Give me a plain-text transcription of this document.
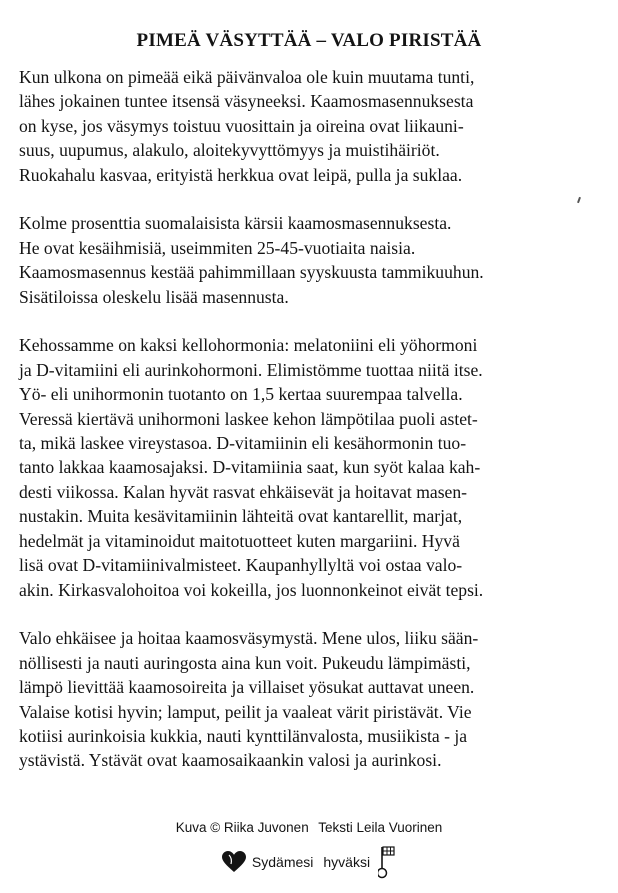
PIMEÄ VÄSYTTÄÄ – VALO PIRISTÄÄ

Kun ulkona on pimeää eikä päivänvaloa ole kuin muutama tunti,
lähes jokainen tuntee itsensä väsyneeksi. Kaamosmasennuksesta
on kyse, jos väsymys toistuu vuosittain ja oireina ovat liikauni-
suus, uupumus, alakulo, aloitekyvyttömyys ja muistihäiriöt.
Ruokahalu kasvaa, erityistä herkkua ovat leipä, pulla ja suklaa.

Kolme prosenttia suomalaisista kärsii kaamosmasennuksesta.
He ovat kesäihmisiä, useimmiten 25-45-vuotiaita naisia.
Kaamosmasennus kestää pahimmillaan syyskuusta tammikuuhun.
Sisätiloissa oleskelu lisää masennusta.

Kehossamme on kaksi kellohormonia: melatoniini eli yöhormoni
ja D-vitamiini eli aurinkohormoni. Elimistömme tuottaa niitä itse.
Yö- eli unihormonin tuotanto on 1,5 kertaa suurempaa talvella.
Veressä kiertävä unihormoni laskee kehon lämpötilaa puoli astet-
ta, mikä laskee vireystasoa. D-vitamiinin eli kesähormonin tuo-
tanto lakkaa kaamosajaksi. D-vitamiinia saat, kun syöt kalaa kah-
desti viikossa. Kalan hyvät rasvat ehkäisevät ja hoitavat masen-
nustakin. Muita kesävitamiinin lähteitä ovat kantarellit, marjat,
hedelmät ja vitaminoidut maitotuotteet kuten margariini. Hyvä
lisä ovat D-vitamiinivalmisteet. Kaupanhyllyltä voi ostaa valo-
akin. Kirkasvalohoitoa voi kokeilla, jos luonnonkeinot eivät tepsi.

Valo ehkäisee ja hoitaa kaamosväsymystä. Mene ulos, liiku sään-
nöllisesti ja nauti auringosta aina kun voit. Pukeudu lämpimästi,
lämpö lievittää kaamosoireita ja villaiset yösukat auttavat uneen.
Valaise kotisi hyvin; lamput, peilit ja vaaleat värit piristävät. Vie
kotiisi aurinkoisia kukkia, nauti kynttilänvalosta, musiikista - ja
ystävistä. Ystävät ovat kaamosaikaankin valosi ja aurinkosi.

Kuva © Riika Juvonen Teksti Leila Vuorinen
Sydämesi hyväksi
